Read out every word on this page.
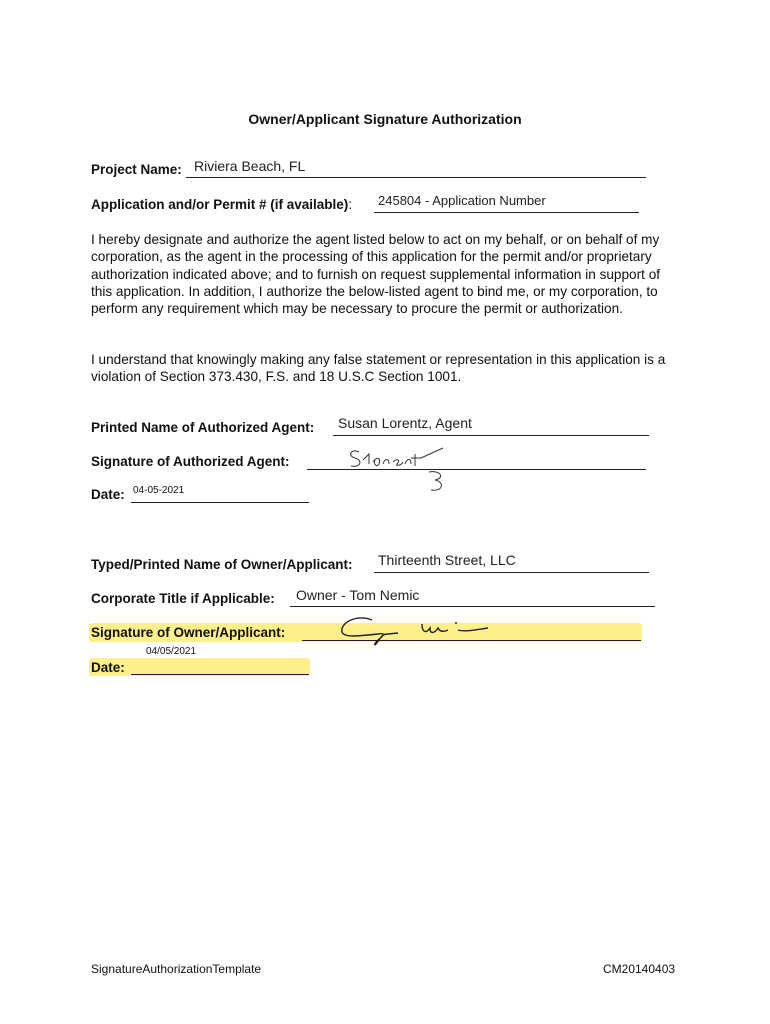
Owner/Applicant Signature Authorization
Project Name: Riviera Beach, FL
Application and/or Permit # (if available): 245804 - Application Number
I hereby designate and authorize the agent listed below to act on my behalf, or on behalf of my corporation, as the agent in the processing of this application for the permit and/or proprietary authorization indicated above; and to furnish on request supplemental information in support of this application. In addition, I authorize the below-listed agent to bind me, or my corporation, to perform any requirement which may be necessary to procure the permit or authorization.
I understand that knowingly making any false statement or representation in this application is a violation of Section 373.430, F.S. and 18 U.S.C Section 1001.
Printed Name of Authorized Agent: Susan Lorentz, Agent
Signature of Authorized Agent:
Date: 04-05-2021
Typed/Printed Name of Owner/Applicant: Thirteenth Street, LLC
Corporate Title if Applicable: Owner - Tom Nemic
Signature of Owner/Applicant:
04/05/2021
Date:
SignatureAuthorizationTemplate	CM20140403
